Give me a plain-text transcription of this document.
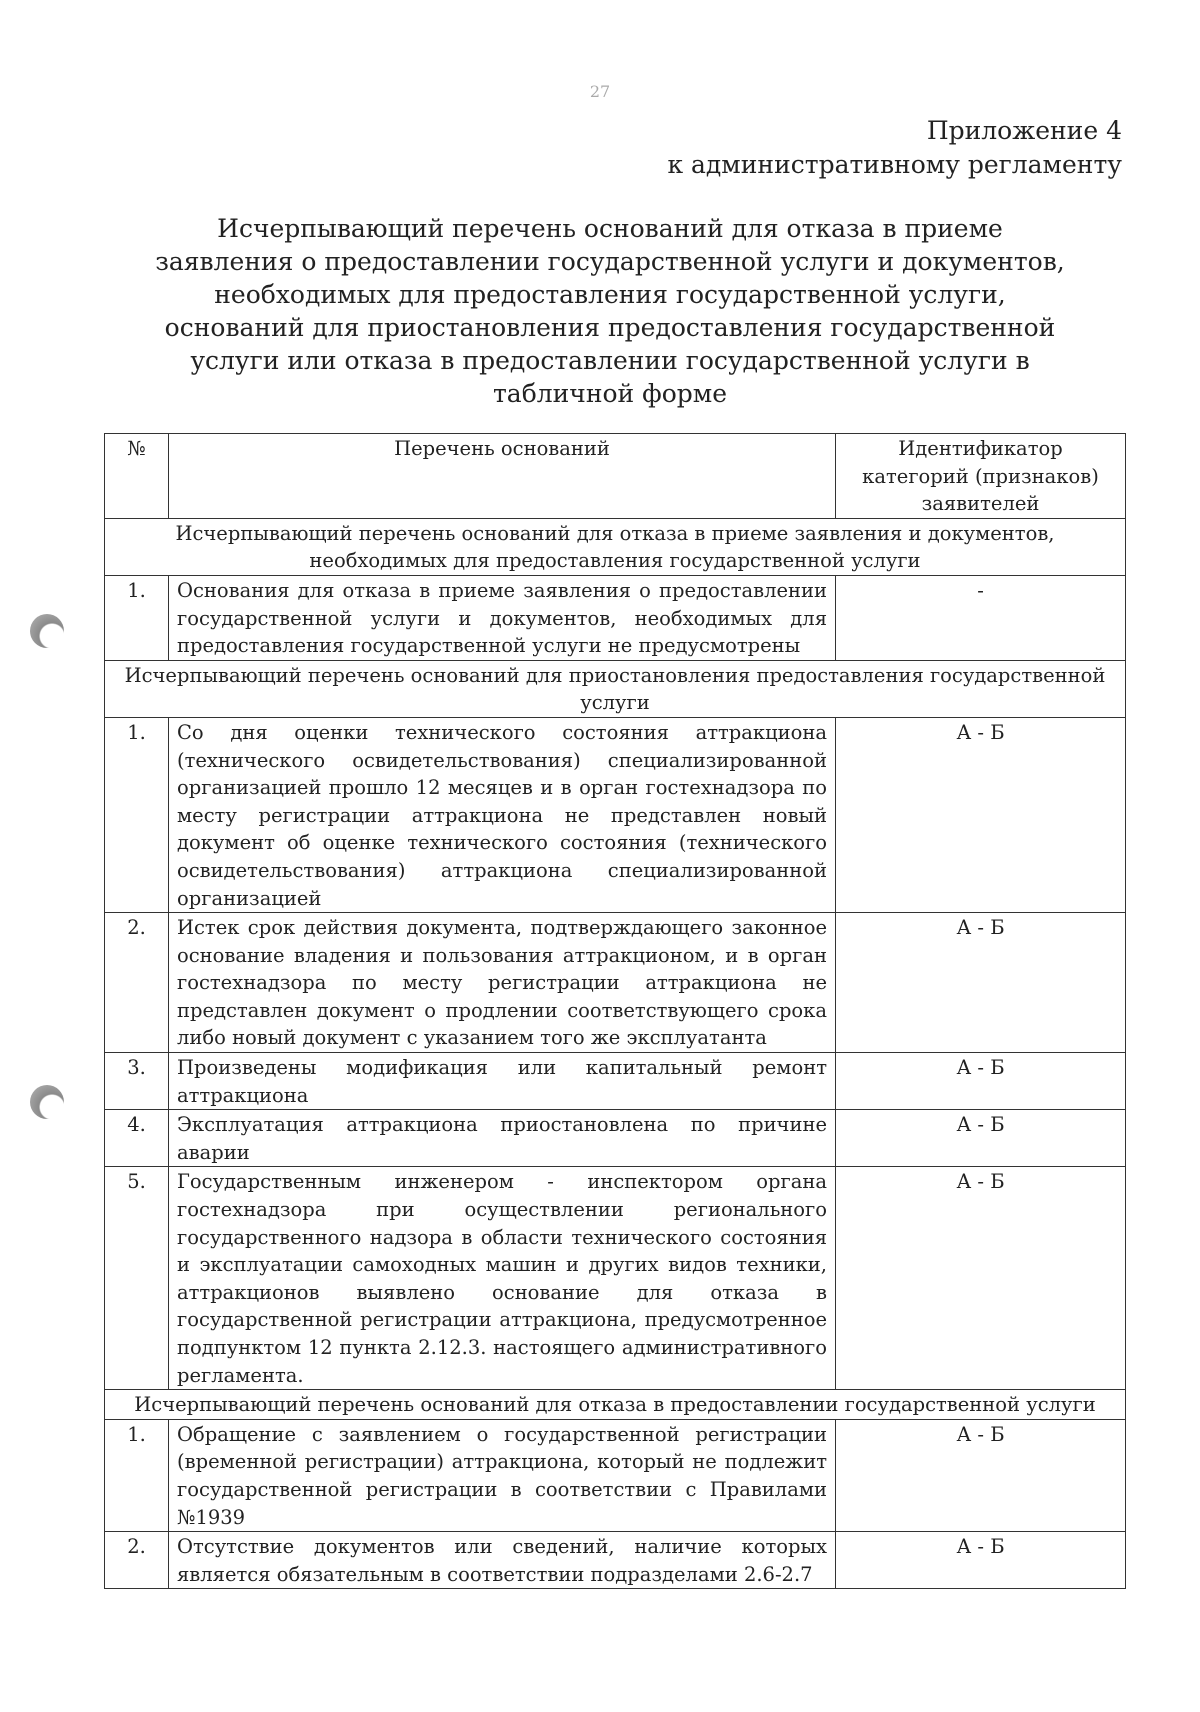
27
Приложение 4
к административному регламенту
Исчерпывающий перечень оснований для отказа в приеме заявления о предоставлении государственной услуги и документов, необходимых для предоставления государственной услуги, оснований для приостановления предоставления государственной услуги или отказа в предоставлении государственной услуги в табличной форме
№	Перечень оснований	Идентификатор категорий (признаков) заявителей
Исчерпывающий перечень оснований для отказа в приеме заявления и документов, необходимых для предоставления государственной услуги		
1.	Основания для отказа в приеме заявления о предоставлении государственной услуги и документов, необходимых для предоставления государственной услуги не предусмотрены	-
Исчерпывающий перечень оснований для приостановления предоставления государственной услуги		
1.	Со дня оценки технического состояния аттракциона (технического освидетельствования) специализированной организацией прошло 12 месяцев и в орган гостехнадзора по месту регистрации аттракциона не представлен новый документ об оценке технического состояния (технического освидетельствования) аттракциона специализированной организацией	А - Б
2.	Истек срок действия документа, подтверждающего законное основание владения и пользования аттракционом, и в орган гостехнадзора по месту регистрации аттракциона не представлен документ о продлении соответствующего срока либо новый документ с указанием того же эксплуатанта	А - Б
3.	Произведены модификация или капитальный ремонт аттракциона	А - Б
4.	Эксплуатация аттракциона приостановлена по причине аварии	А - Б
5.	Государственным инженером - инспектором органа гостехнадзора при осуществлении регионального государственного надзора в области технического состояния и эксплуатации самоходных машин и других видов техники, аттракционов выявлено основание для отказа в государственной регистрации аттракциона, предусмотренное подпунктом 12 пункта 2.12.3. настоящего административного регламента.	А - Б
Исчерпывающий перечень оснований для отказа в предоставлении государственной услуги		
1.	Обращение с заявлением о государственной регистрации (временной регистрации) аттракциона, который не подлежит государственной регистрации в соответствии с Правилами №1939	А - Б
2.	Отсутствие документов или сведений, наличие которых является обязательным в соответствии подразделами 2.6-2.7	А - Б
